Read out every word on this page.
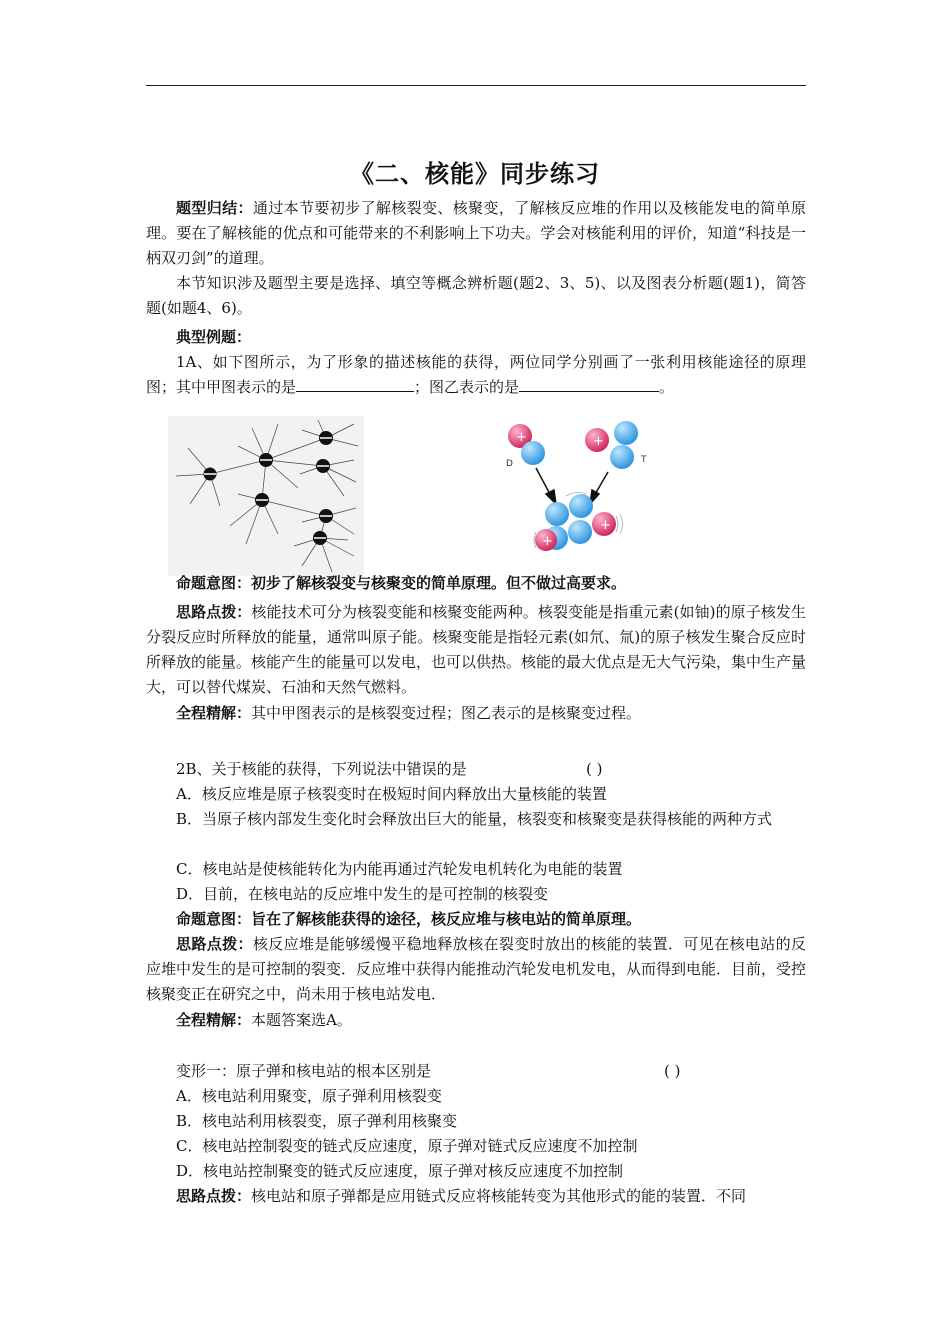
《二、核能》同步练习

题型归结：通过本节要初步了解核裂变、核聚变，了解核反应堆的作用以及核能发电的简单原理。要在了解核能的优点和可能带来的不利影响上下功夫。学会对核能利用的评价，知道“科技是一柄双刃剑”的道理。

本节知识涉及题型主要是选择、填空等概念辨析题(题2、3、5)、以及图表分析题(题1)，简答题(如题4、6)。

典型例题：

1A、如下图所示，为了形象的描述核能的获得，两位同学分别画了一张利用核能途径的原理图；其中甲图表示的是	；图乙表示的是	。

+
D
+
T
+
+

命题意图：初步了解核裂变与核聚变的简单原理。但不做过高要求。

思路点拨：核能技术可分为核裂变能和核聚变能两种。核裂变能是指重元素(如铀)的原子核发生分裂反应时所释放的能量，通常叫原子能。核聚变能是指轻元素(如氘、氚)的原子核发生聚合反应时所释放的能量。核能产生的能量可以发电，也可以供热。核能的最大优点是无大气污染，集中生产量大，可以替代煤炭、石油和天然气燃料。

全程精解：其中甲图表示的是核裂变过程；图乙表示的是核聚变过程。

2B、关于核能的获得，下列说法中错误的是	( )

A．核反应堆是原子核裂变时在极短时间内释放出大量核能的装置

B．当原子核内部发生变化时会释放出巨大的能量，核裂变和核聚变是获得核能的两种方式

C．核电站是使核能转化为内能再通过汽轮发电机转化为电能的装置

D．目前，在核电站的反应堆中发生的是可控制的核裂变

命题意图：旨在了解核能获得的途径，核反应堆与核电站的简单原理。

思路点拨：核反应堆是能够缓慢平稳地释放核在裂变时放出的核能的装置．可见在核电站的反应堆中发生的是可控制的裂变．反应堆中获得内能推动汽轮发电机发电，从而得到电能．目前，受控核聚变正在研究之中，尚未用于核电站发电．

全程精解：本题答案选A。

变形一：原子弹和核电站的根本区别是	( )

A．核电站利用聚变，原子弹利用核裂变

B．核电站利用核裂变，原子弹利用核聚变

C．核电站控制裂变的链式反应速度，原子弹对链式反应速度不加控制

D．核电站控制聚变的链式反应速度，原子弹对核反应速度不加控制

思路点拨：核电站和原子弹都是应用链式反应将核能转变为其他形式的能的装置．不同
